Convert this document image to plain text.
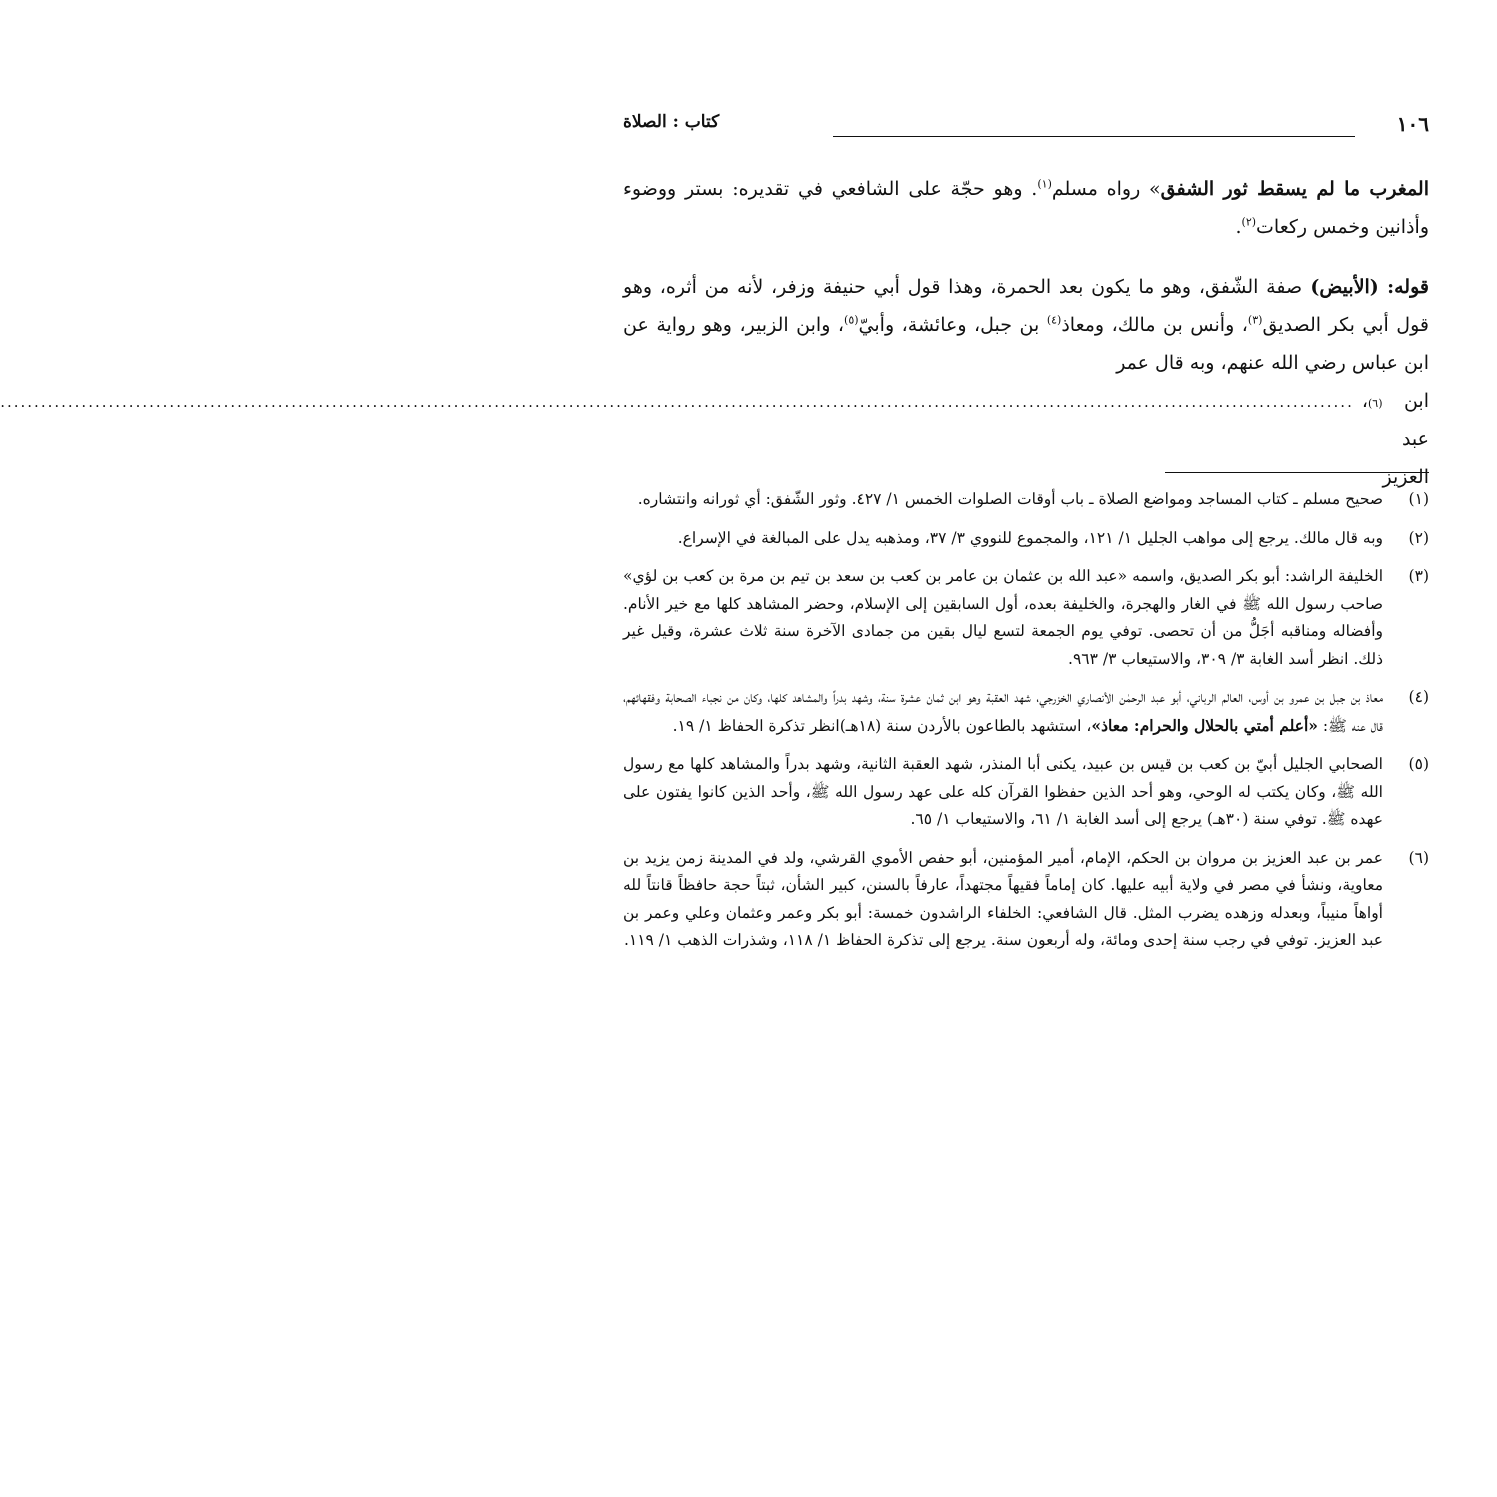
١٠٦
كتاب : الصلاة

المغرب ما لم يسقط ثور الشفق» رواه مسلم$^{(١)}$. وهو حجّة على الشافعي في تقديره: بستر ووضوء وأذانين وخمس ركعات$^{(٢)}$.

قوله: (الأبيض) صفة الشّفق، وهو ما يكون بعد الحمرة، وهذا قول أبي حنيفة وزفر، لأنه من أثره، وهو قول أبي بكر الصديق$^{(٣)}$، وأنس بن مالك، ومعاذ$^{(٤)}$ بن جبل، وعائشة، وأبيّ$^{(٥)}$، وابن الزبير، وهو رواية عن ابن عباس رضي الله عنهم، وبه قال عمر

ابن عبد العزيز
(٦)
،
........................................................................................................................................................................................................
(١)
صحيح مسلم ـ كتاب المساجد ومواضع الصلاة ـ باب أوقات الصلوات الخمس ١/ ٤٢٧. وثور الشّفق: أي ثورانه وانتشاره.
(٢)
وبه قال مالك. يرجع إلى مواهب الجليل ١/ ١٢١، والمجموع للنووي ٣/ ٣٧، ومذهبه يدل على المبالغة في الإسراع.
(٣)
الخليفة الراشد: أبو بكر الصديق، واسمه «عبد الله بن عثمان بن عامر بن كعب بن سعد بن تيم بن مرة بن كعب بن لؤي» صاحب رسول الله ﷺ في الغار والهجرة، والخليفة بعده، أول السابقين إلى الإسلام، وحضر المشاهد كلها مع خير الأنام. وأفضاله ومناقبه أجَلُّ من أن تحصى. توفي يوم الجمعة لتسع ليال بقين من جمادى الآخرة سنة ثلاث عشرة، وقيل غير ذلك. انظر أسد الغابة ٣/ ٣٠٩، والاستيعاب ٣/ ٩٦٣.
(٤)
معاذ بن جبل بن عمرو بن أوس، العالم الرباني، أبو عبد الرحمٰن الأنصاري الخزرجي، شهد العقبة وهو ابن ثمان عشرة سنة، وشهد بدراً والمشاهد كلها، وكان من نجباء الصحابة وفقهائهم، قال عنه ﷺ: «أعلم أمتي بالحلال والحرام: معاذ»، استشهد بالطاعون بالأردن سنة (١٨هـ)انظر تذكرة الحفاظ ١/ ١٩.
(٥)
الصحابي الجليل أبيّ بن كعب بن قيس بن عبيد، يكنى أبا المنذر، شهد العقبة الثانية، وشهد بدراً والمشاهد كلها مع رسول الله ﷺ، وكان يكتب له الوحي، وهو أحد الذين حفظوا القرآن كله على عهد رسول الله ﷺ، وأحد الذين كانوا يفتون على عهده ﷺ. توفي سنة (٣٠هـ) يرجع إلى أسد الغابة ١/ ٦١، والاستيعاب ١/ ٦٥.
(٦)
عمر بن عبد العزيز بن مروان بن الحكم، الإمام، أمير المؤمنين، أبو حفص الأموي القرشي، ولد في المدينة زمن يزيد بن معاوية، ونشأ في مصر في ولاية أبيه عليها. كان إماماً فقيهاً مجتهداً، عارفاً بالسنن، كبير الشأن، ثبتاً حجة حافظاً قانتاً لله أواهاً منيباً، وبعدله وزهده يضرب المثل. قال الشافعي: الخلفاء الراشدون خمسة: أبو بكر وعمر وعثمان وعلي وعمر بن عبد العزيز. توفي في رجب سنة إحدى ومائة، وله أربعون سنة. يرجع إلى تذكرة الحفاظ ١/ ١١٨، وشذرات الذهب ١/ ١١٩.
